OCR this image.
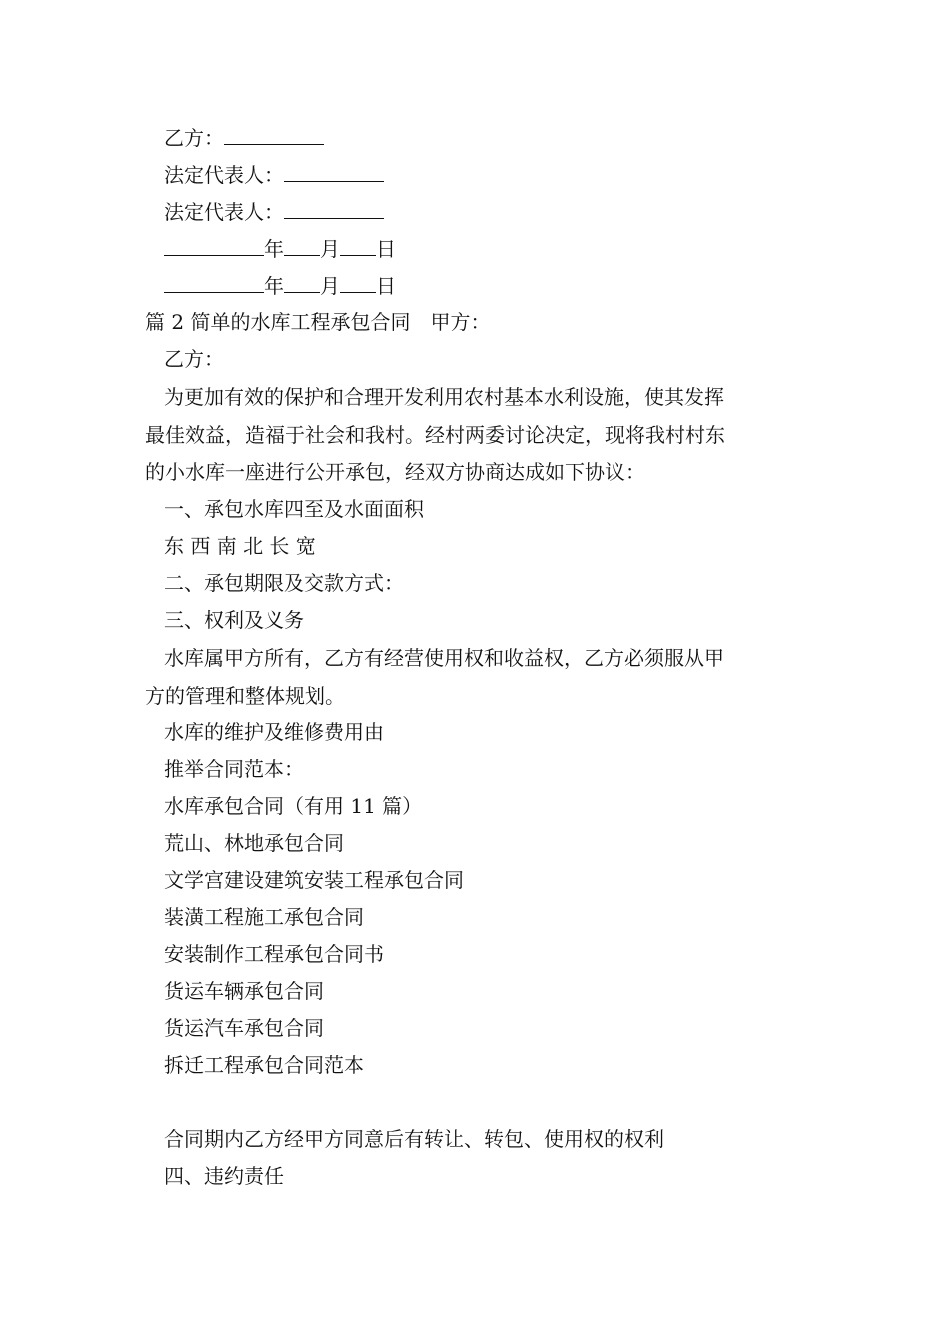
乙方：
法定代表人：
法定代表人：
年 月 日
年 月 日
篇 2 简单的水库工程承包合同　甲方：
乙方：
为更加有效的保护和合理开发利用农村基本水利设施，使其发挥
最佳效益，造福于社会和我村。经村两委讨论决定，现将我村村东
的小水库一座进行公开承包，经双方协商达成如下协议：
一、承包水库四至及水面面积
东 西 南 北 长 宽
二、承包期限及交款方式：
三、权利及义务
水库属甲方所有，乙方有经营使用权和收益权，乙方必须服从甲
方的管理和整体规划。
水库的维护及维修费用由
推举合同范本：
水库承包合同（有用 11 篇）
荒山、林地承包合同
文学宫建设建筑安装工程承包合同
装潢工程施工承包合同
安装制作工程承包合同书
货运车辆承包合同
货运汽车承包合同
拆迁工程承包合同范本
合同期内乙方经甲方同意后有转让、转包、使用权的权利
四、违约责任
